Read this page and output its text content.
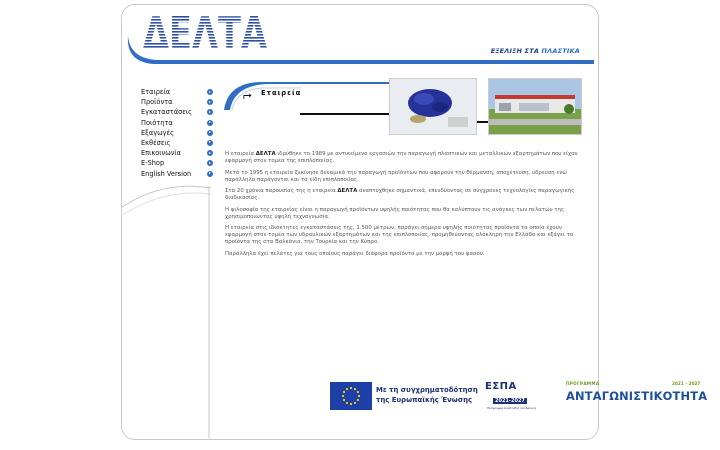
ΔΕΛΤΑ	ΕΞΕΛΙΞΗ ΣΤΑ ΠΛΑΣΤΙΚΑ
Εταιρεία
Προϊόντα
Εγκαταστάσεις
Ποιότητα
Εξαγωγές
Εκθέσεις
Επικοινωνία
E-Shop
English Version
⮣ Εταιρεία

Η εταιρεία ΔΕΛΤΑ ιδρύθηκε το 1989 με αντικείμενο εργασιών την παραγωγή πλαστικών και μεταλλικών εξαρτημάτων που είχαν εφαρμογή στον τομέα της επιπλοποιίας.

Μετά το 1995 η εταιρεία ξεκίνησε δυναμικά την παραγωγή προϊόντων που αφορούν την θέρμανση, αποχέτευση, ύδρευση ενώ παράλληλα παράγονται και τα είδη επιπλοποιίας.

Στα 20 χρόνια παρουσίας της η εταιρεία ΔΕΛΤΑ αναπτύχθηκε σημαντικά, επενδύοντας σε σύγχρονες τεχνολογίες παραγωγικής διαδικασίας.

Η φιλοσοφία της εταιρείας είναι η παραγωγή προϊόντων υψηλής ποιότητας που θα καλύπτουν τις ανάγκες των πελατών της χρησιμοποιώντας υψηλή τεχνογνωσία.

Η εταιρεία στις ιδιόκτητες εγκαταστάσεις της, 1.500 μέτρων, παράγει σήμερα υψηλής ποιότητας προϊόντα τα οποία έχουν εφαρμογή στον τομέα των υδραυλικών εξαρτημάτων και της επιπλοποιίας, προμηθεύοντας ολόκληρη την Ελλάδα και εξάγει τα προϊόντα της στα Βαλκάνια, την Τουρκία και την Κύπρο.

Παράλληλα έχει πελάτες για τους οποίους παράγει διάφορα προϊόντα με την μορφή του φασόν.

Με τη συγχρηματοδότηση
της Ευρωπαϊκής Ένωσης
ΕΣΠΑ
2021-2027
Πρόγραμμα Ανάπτυξης και Δίκαιης
ΠΡΟΓΡΑΜΜΑ	2021 – 2027
ΑΝΤΑΓΩΝΙΣΤΙΚΟΤΗΤΑ
